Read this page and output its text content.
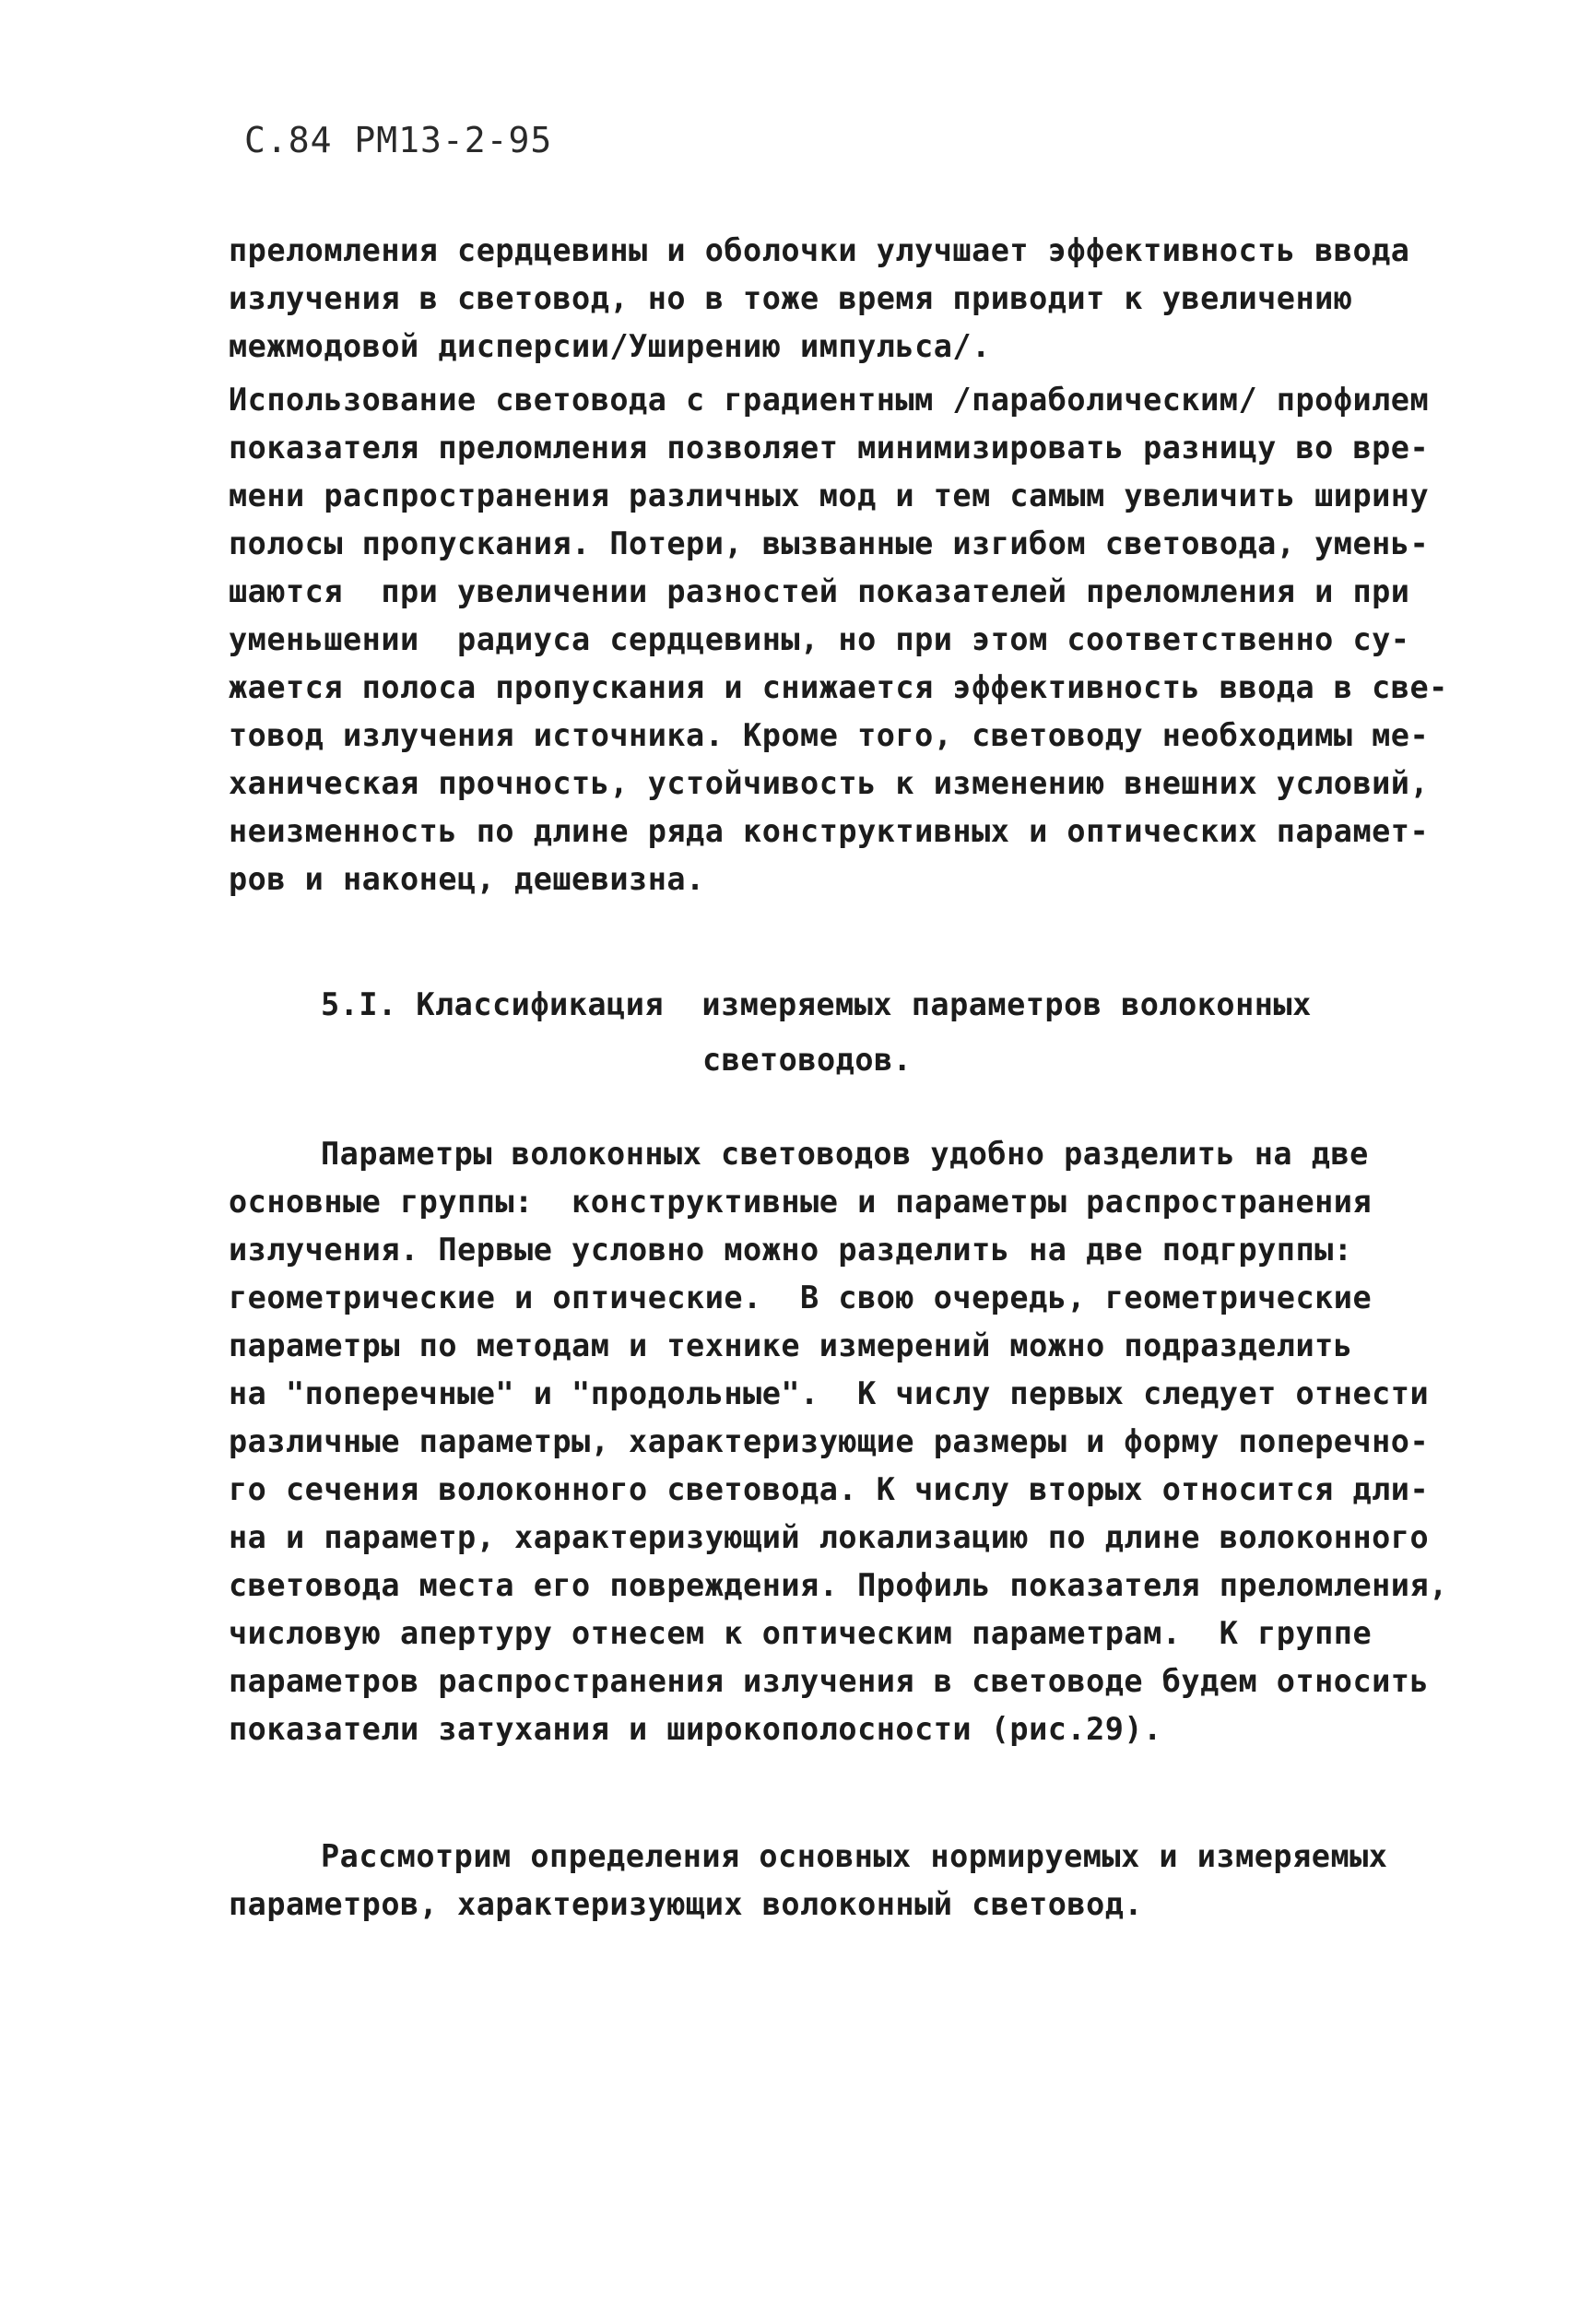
С.84 РМ13-2-95
преломления сердцевины и оболочки улучшает эффективность ввода
излучения в световод, но в тоже время приводит к увеличению
межмодовой дисперсии/Уширению импульса/.
Использование световода с градиентным /параболическим/ профилем
показателя преломления позволяет минимизировать разницу во вре-
мени распространения различных мод и тем самым увеличить ширину
полосы пропускания. Потери, вызванные изгибом световода, умень-
шаются  при увеличении разностей показателей преломления и при
уменьшении  радиуса сердцевины, но при этом соответственно су-
жается полоса пропускания и снижается эффективность ввода в све-
товод излучения источника. Кроме того, световоду необходимы ме-
ханическая прочность, устойчивость к изменению внешних условий,
неизменность по длине ряда конструктивных и оптических парамет-
ров и наконец, дешевизна.
5.I. Классификация  измеряемых параметров волоконных
световодов.
Параметры волоконных световодов удобно разделить на две
основные группы:  конструктивные и параметры распространения
излучения. Первые условно можно разделить на две подгруппы:
геометрические и оптические.  В свою очередь, геометрические
параметры по методам и технике измерений можно подразделить
на "поперечные" и "продольные".  К числу первых следует отнести
различные параметры, характеризующие размеры и форму поперечно-
го сечения волоконного световода. К числу вторых относится дли-
на и параметр, характеризующий локализацию по длине волоконного
световода места его повреждения. Профиль показателя преломления,
числовую апертуру отнесем к оптическим параметрам.  К группе
параметров распространения излучения в световоде будем относить
показатели затухания и широкополосности (рис.29).
Рассмотрим определения основных нормируемых и измеряемых
параметров, характеризующих волоконный световод.
